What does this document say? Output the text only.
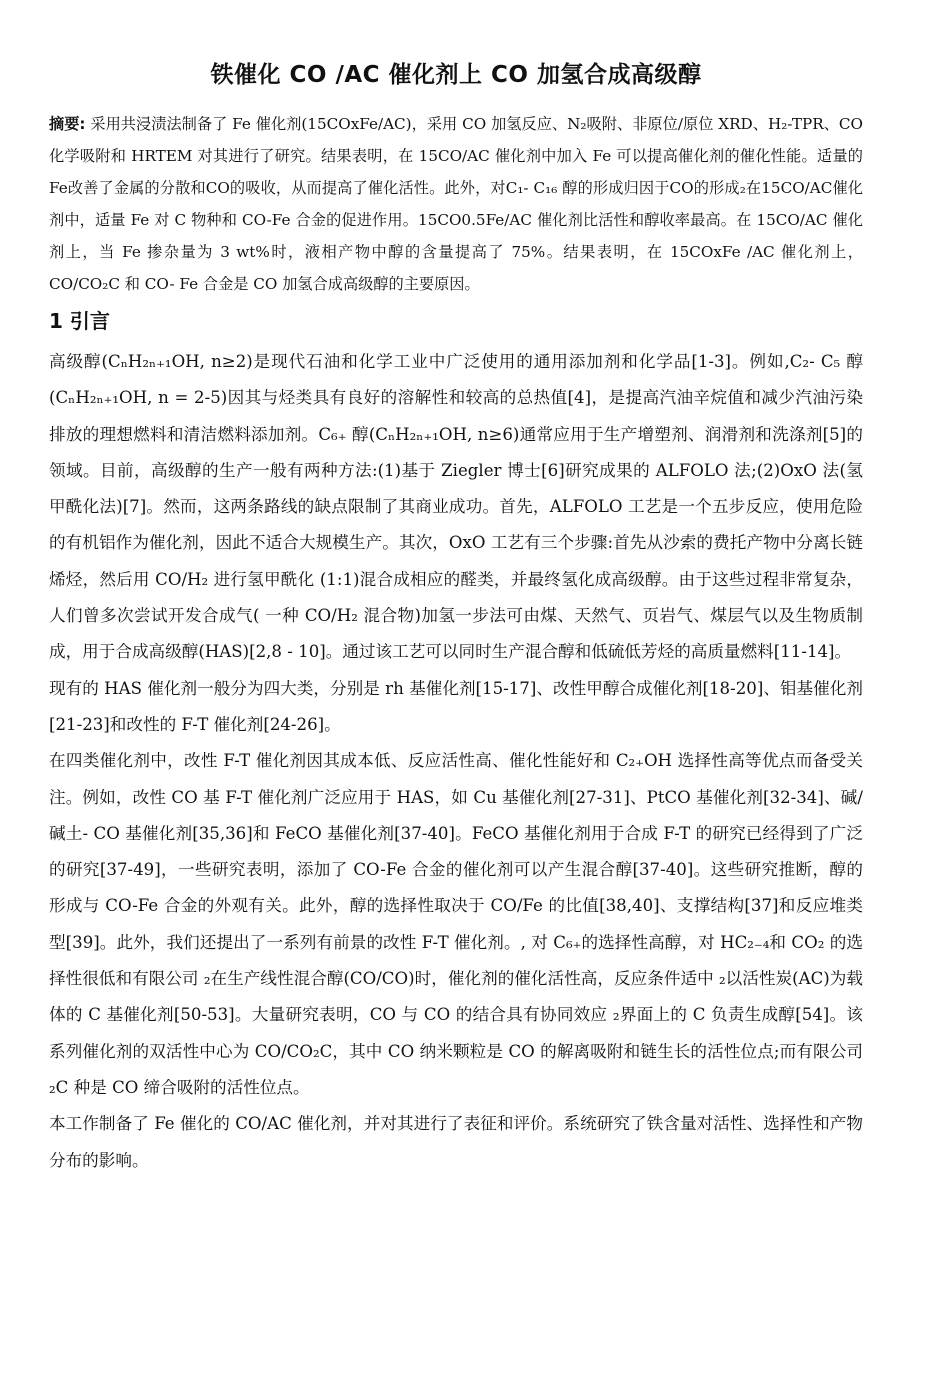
铁催化 CO /AC 催化剂上 CO 加氢合成高级醇

摘要: 采用共浸渍法制备了 Fe 催化剂(15COxFe/AC)，采用 CO 加氢反应、N₂吸附、非原位/原位 XRD、H₂-TPR、CO 化学吸附和 HRTEM 对其进行了研究。结果表明，在 15CO/AC 催化剂中加入 Fe 可以提高催化剂的催化性能。适量的Fe改善了金属的分散和CO的吸收，从而提高了催化活性。此外，对C₁- C₁₆ 醇的形成归因于CO的形成₂在15CO/AC催化剂中，适量 Fe 对 C 物种和 CO-Fe 合金的促进作用。15CO0.5Fe/AC 催化剂比活性和醇收率最高。在 15CO/AC 催化剂上，当 Fe 掺杂量为 3 wt%时，液相产物中醇的含量提高了 75%。结果表明，在 15COxFe /AC 催化剂上，CO/CO₂C 和 CO- Fe 合金是 CO 加氢合成高级醇的主要原因。

1 引言

高级醇(CₙH₂ₙ₊₁OH, n≥2)是现代石油和化学工业中广泛使用的通用添加剂和化学品[1-3]。例如,C₂- C₅ 醇(CₙH₂ₙ₊₁OH, n = 2-5)因其与烃类具有良好的溶解性和较高的总热值[4]，是提高汽油辛烷值和减少汽油污染排放的理想燃料和清洁燃料添加剂。C₆₊ 醇(CₙH₂ₙ₊₁OH, n≥6)通常应用于生产增塑剂、润滑剂和洗涤剂[5]的领域。目前，高级醇的生产一般有两种方法:(1)基于 Ziegler 博士[6]研究成果的 ALFOLO 法;(2)OxO 法(氢甲酰化法)[7]。然而，这两条路线的缺点限制了其商业成功。首先，ALFOLO 工艺是一个五步反应，使用危险的有机铝作为催化剂，因此不适合大规模生产。其次，OxO 工艺有三个步骤:首先从沙索的费托产物中分离长链烯烃，然后用 CO/H₂ 进行氢甲酰化 (1:1)混合成相应的醛类，并最终氢化成高级醇。由于这些过程非常复杂，人们曾多次尝试开发合成气( 一种 CO/H₂ 混合物)加氢一步法可由煤、天然气、页岩气、煤层气以及生物质制成，用于合成高级醇(HAS)[2,8 - 10]。通过该工艺可以同时生产混合醇和低硫低芳烃的高质量燃料[11-14]。

现有的 HAS 催化剂一般分为四大类，分别是 rh 基催化剂[15-17]、改性甲醇合成催化剂[18-20]、钼基催化剂[21-23]和改性的 F-T 催化剂[24-26]。

在四类催化剂中，改性 F-T 催化剂因其成本低、反应活性高、催化性能好和 C₂₊OH 选择性高等优点而备受关注。例如，改性 CO 基 F-T 催化剂广泛应用于 HAS，如 Cu 基催化剂[27-31]、PtCO 基催化剂[32-34]、碱/碱土- CO 基催化剂[35,36]和 FeCO 基催化剂[37-40]。FeCO 基催化剂用于合成 F-T 的研究已经得到了广泛的研究[37-49]，一些研究表明，添加了 CO-Fe 合金的催化剂可以产生混合醇[37-40]。这些研究推断，醇的形成与 CO-Fe 合金的外观有关。此外，醇的选择性取决于 CO/Fe 的比值[38,40]、支撑结构[37]和反应堆类型[39]。此外，我们还提出了一系列有前景的改性 F-T 催化剂。, 对 C₆₊的选择性高醇，对 HC₂₋₄和 CO₂ 的选择性很低和有限公司 ₂在生产线性混合醇(CO/CO)时，催化剂的催化活性高，反应条件适中 ₂以活性炭(AC)为载体的 C 基催化剂[50-53]。大量研究表明，CO 与 CO 的结合具有协同效应 ₂界面上的 C 负责生成醇[54]。该系列催化剂的双活性中心为 CO/CO₂C，其中 CO 纳米颗粒是 CO 的解离吸附和链生长的活性位点;而有限公司 ₂C 种是 CO 缔合吸附的活性位点。

本工作制备了 Fe 催化的 CO/AC 催化剂，并对其进行了表征和评价。系统研究了铁含量对活性、选择性和产物分布的影响。
